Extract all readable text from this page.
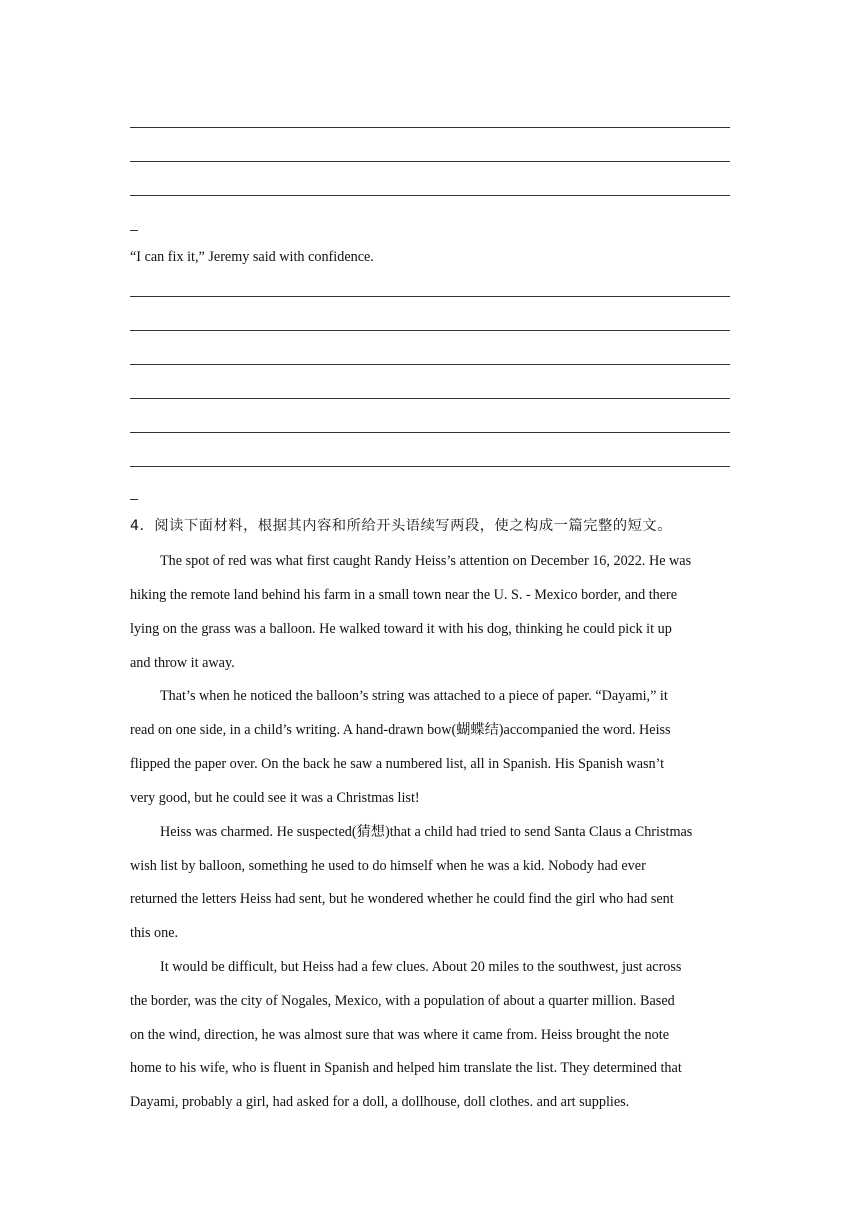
“I can fix it,” Jeremy said with confidence.
4．阅读下面材料，根据其内容和所给开头语续写两段，使之构成一篇完整的短文。
The spot of red was what first caught Randy Heiss’s attention on December 16, 2022. He was
hiking the remote land behind his farm in a small town near the U. S. - Mexico border, and there
lying on the grass was a balloon. He walked toward it with his dog, thinking he could pick it up
and throw it away.
That’s when he noticed the balloon’s string was attached to a piece of paper. “Dayami,” it
read on one side, in a child’s writing. A hand-drawn bow(蝴蝶结)accompanied the word. Heiss
flipped the paper over. On the back he saw a numbered list, all in Spanish. His Spanish wasn’t
very good, but he could see it was a Christmas list!
Heiss was charmed. He suspected(猜想)that a child had tried to send Santa Claus a Christmas
wish list by balloon, something he used to do himself when he was a kid. Nobody had ever
returned the letters Heiss had sent, but he wondered whether he could find the girl who had sent
this one.
It would be difficult, but Heiss had a few clues. About 20 miles to the southwest, just across
the border, was the city of Nogales, Mexico, with a population of about a quarter million. Based
on the wind, direction, he was almost sure that was where it came from. Heiss brought the note
home to his wife, who is fluent in Spanish and helped him translate the list. They determined that
Dayami, probably a girl, had asked for a doll, a dollhouse, doll clothes. and art supplies.
